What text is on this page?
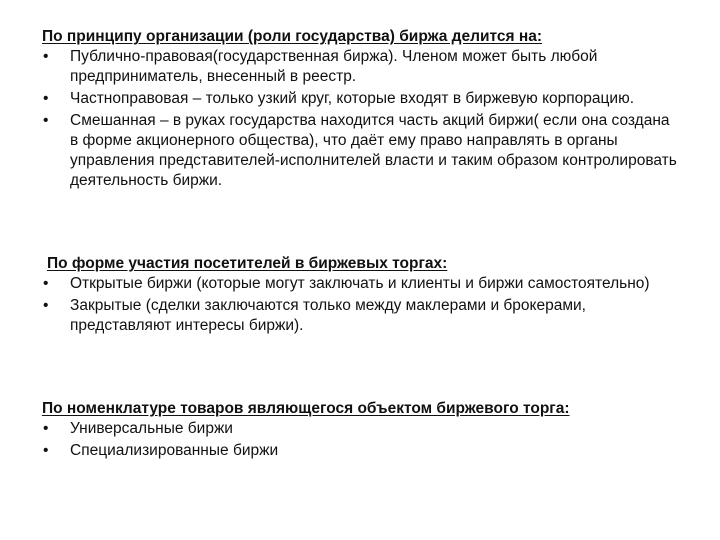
По принципу организации (роли государства) биржа делится на:

• Публично-правовая(государственная биржа). Членом может быть любой предприниматель, внесенный в реестр.
• Частноправовая – только узкий круг, которые входят в биржевую корпорацию.
• Смешанная – в руках государства находится часть акций биржи( если она создана в форме акционерного общества), что даёт ему право направлять в органы управления представителей-исполнителей власти и таким образом контролировать деятельность биржи.

По форме участия посетителей в биржевых торгах:

• Открытые биржи (которые могут заключать и клиенты и биржи самостоятельно)
• Закрытые (сделки заключаются только между маклерами и брокерами, представляют интересы биржи).

По номенклатуре товаров являющегося объектом биржевого торга:

• Универсальные биржи
• Специализированные биржи
